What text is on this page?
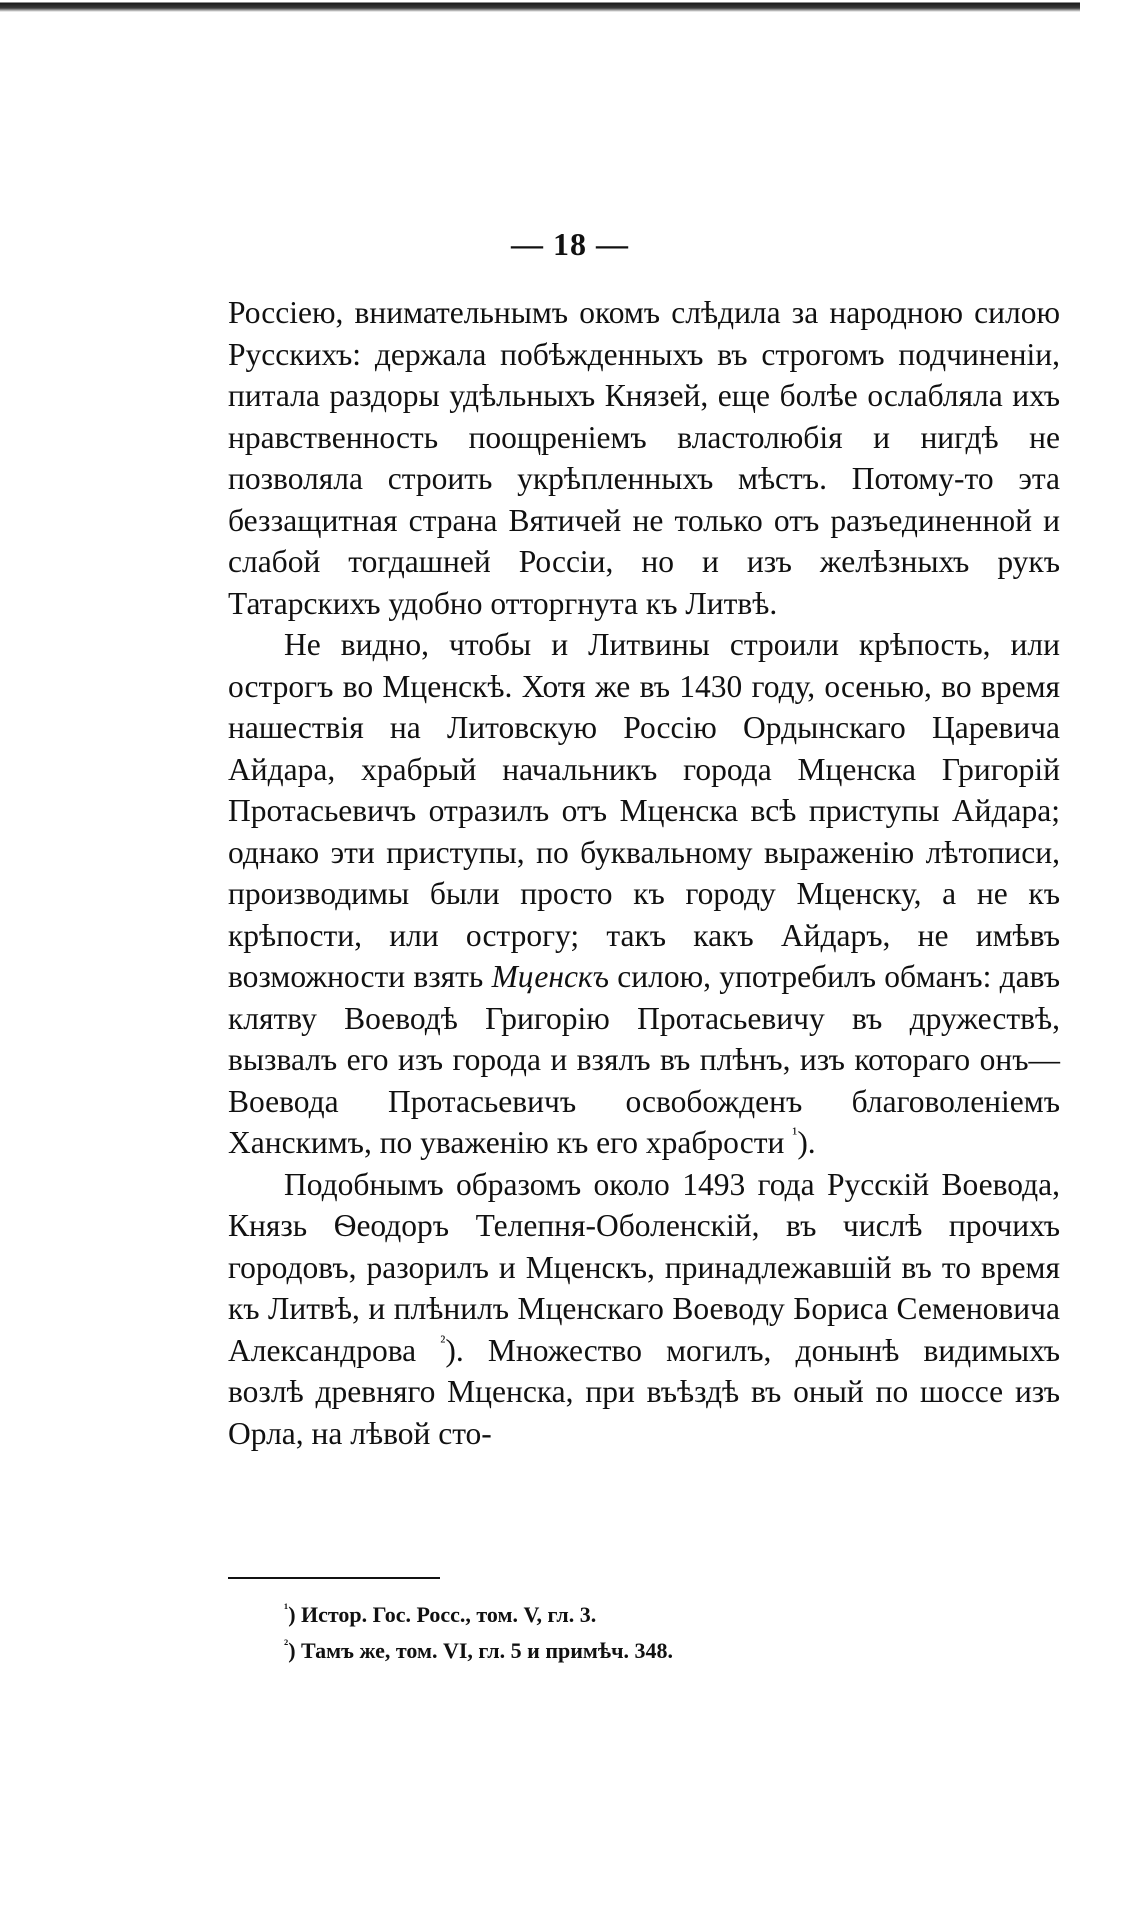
— 18 —

Россiею, внимательнымъ окомъ слѣдила за народною силою Русскихъ: держала побѣжденныхъ въ строгомъ подчиненiи, питала раздоры удѣльныхъ Князей, еще болѣе ослабляла ихъ нравственность поощренiемъ властолюбiя и нигдѣ не позволяла строить укрѣпленныхъ мѣстъ. Потому-то эта беззащитная страна Вятичей не только отъ разъединенной и слабой тогдашней Россiи, но и изъ желѣзныхъ рукъ Татарскихъ удобно отторгнута къ Литвѣ.

Не видно, чтобы и Литвины строили крѣпость, или острогъ во Мценскѣ. Хотя же въ 1430 году, осенью, во время нашествiя на Литовскую Россiю Ордынскаго Царевича Айдара, храбрый начальникъ города Мценска Григорiй Протасьевичъ отразилъ отъ Мценска всѣ приступы Айдара; однако эти приступы, по буквальному выраженiю лѣтописи, производимы были просто къ городу Мценску, а не къ крѣпости, или острогу; такъ какъ Айдаръ, не имѣвъ возможности взять Мценскъ силою, употребилъ обманъ: давъ клятву Воеводѣ Григорiю Протасьевичу въ дружествѣ, вызвалъ его изъ города и взялъ въ плѣнъ, изъ котораго онъ—Воевода Протасьевичъ освобожденъ благоволенiемъ Ханскимъ, по уваженiю къ его храбрости $^{^1}$).

Подобнымъ образомъ около 1493 года Русскiй Воевода, Князь Ѳеодоръ Телепня-Оболенскiй, въ числѣ прочихъ городовъ, разорилъ и Мценскъ, принадлежавшiй въ то время къ Литвѣ, и плѣнилъ Мценскаго Воеводу Бориса Семеновича Александрова $^{^2}$). Множество могилъ, донынѣ видимыхъ возлѣ древняго Мценска, при въѣздѣ въ оный по шоссе изъ Орла, на лѣвой сто-

$^{^1}$) Истор. Гос. Росс., том. V, гл. 3.

$^{^2}$) Тамъ же, том. VI, гл. 5 и примѣч. 348.
